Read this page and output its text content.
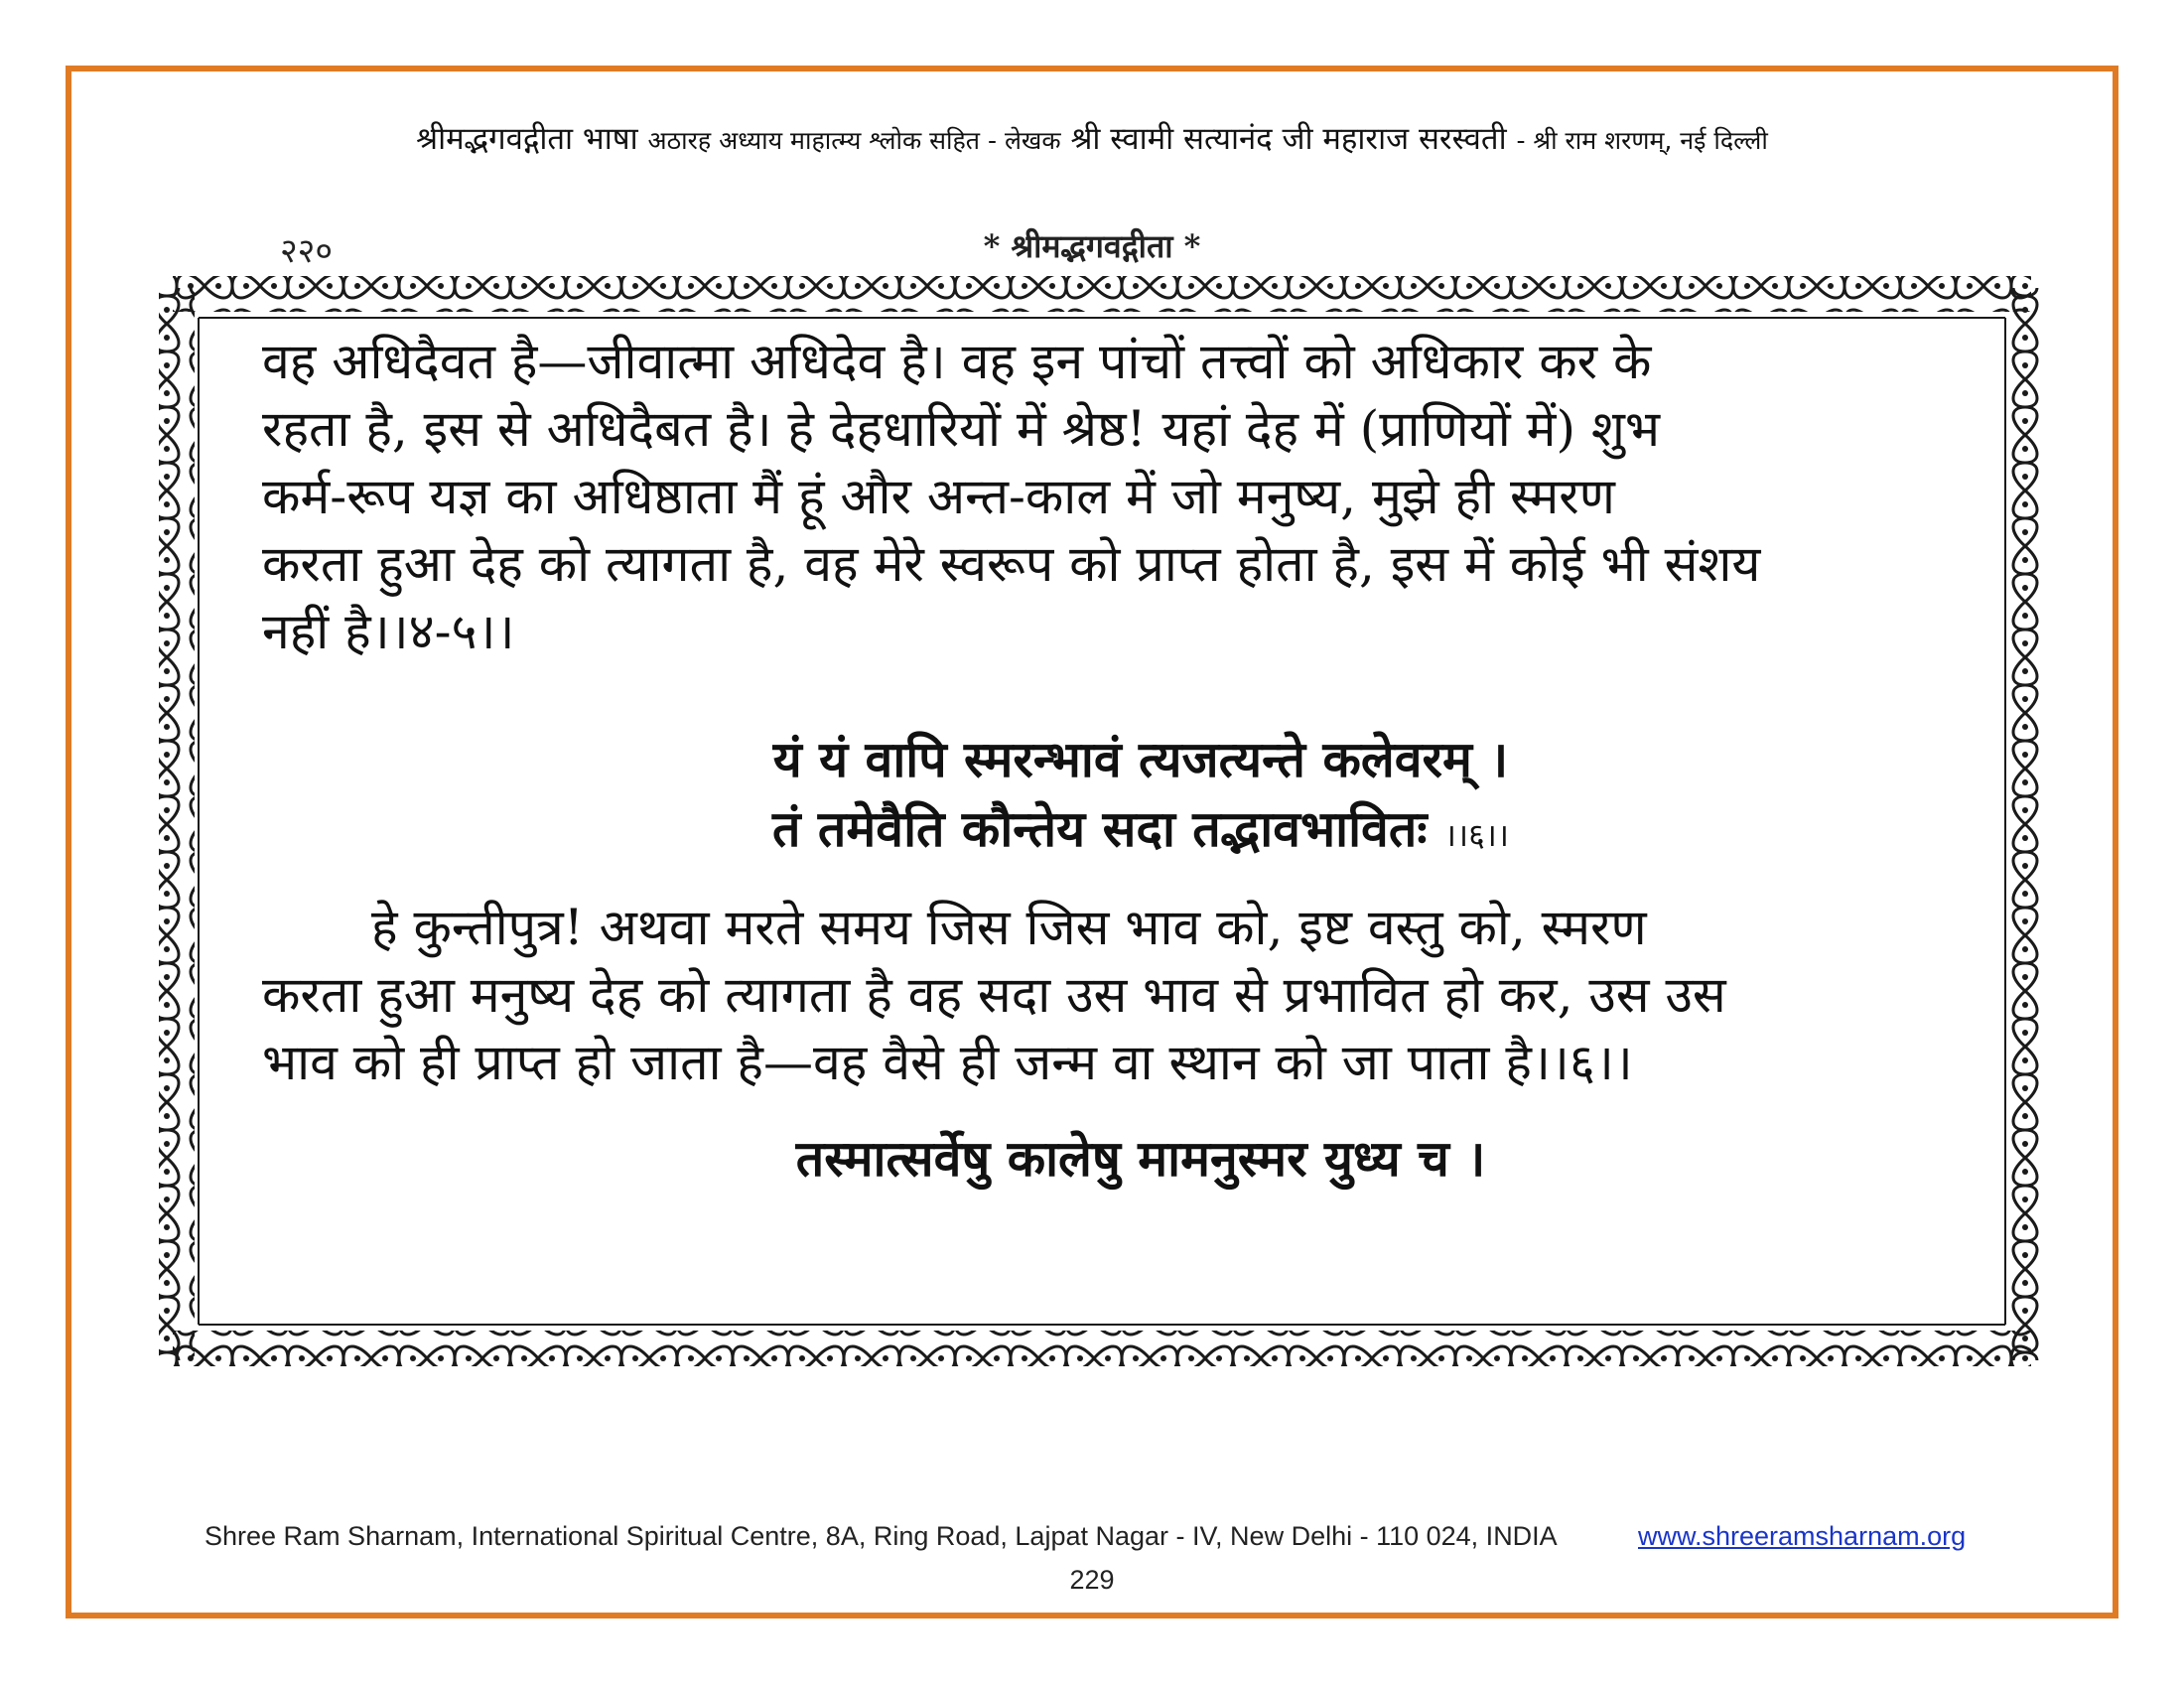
श्रीमद्भगवद्गीता भाषा अठारह अध्याय माहात्म्य श्लोक सहित - लेखक श्री स्वामी सत्यानंद जी महाराज सरस्वती - श्री राम शरणम्, नई दिल्ली
२२०	* श्रीमद्भगवद्गीता *

वह अधिदैवत है—जीवात्मा अधिदेव है। वह इन पांचों तत्त्वों को अधिकार कर के
रहता है, इस से अधिदैबत है। हे देहधारियों में श्रेष्ठ! यहां देह में (प्राणियों में) शुभ
कर्म-रूप यज्ञ का अधिष्ठाता मैं हूं और अन्त-काल में जो मनुष्य, मुझे ही स्मरण
करता हुआ देह को त्यागता है, वह मेरे स्वरूप को प्राप्त होता है, इस में कोई भी संशय
नहीं है।।४-५।।

यं यं वापि स्मरन्भावं त्यजत्यन्ते कलेवरम् ।
तं तमेवैति कौन्तेय सदा तद्भावभावितः ।।६।।

हे कुन्तीपुत्र! अथवा मरते समय जिस जिस भाव को, इष्ट वस्तु को, स्मरण
करता हुआ मनुष्य देह को त्यागता है वह सदा उस भाव से प्रभावित हो कर, उस उस
भाव को ही प्राप्त हो जाता है—वह वैसे ही जन्म वा स्थान को जा पाता है।।६।।

तस्मात्सर्वेषु कालेषु मामनुस्मर युध्य च ।

Shree Ram Sharnam, International Spiritual Centre, 8A, Ring Road, Lajpat Nagar - IV, New Delhi - 110 024, INDIA	www.shreeramsharnam.org
229
